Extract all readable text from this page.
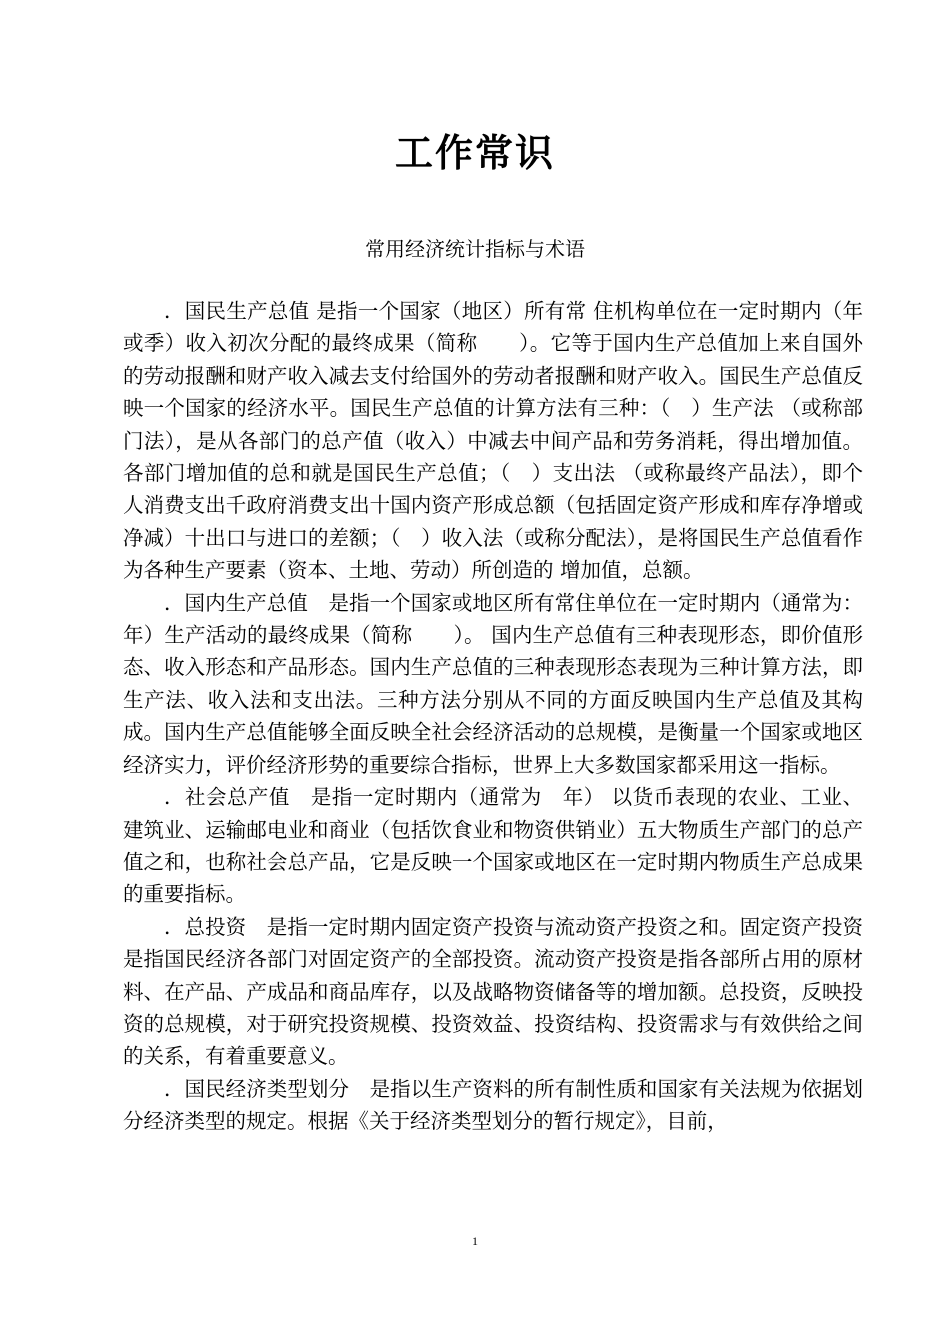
工作常识
常用经济统计指标与术语

．国民生产总值 是指一个国家（地区）所有常 住机构单位在一定时期内（年或季）收入初次分配的最终成果（简称　　）。它等于国内生产总值加上来自国外的劳动报酬和财产收入减去支付给国外的劳动者报酬和财产收入。国民生产总值反映一个国家的经济水平。国民生产总值的计算方法有三种：（　）生产法 （或称部门法），是从各部门的总产值（收入）中减去中间产品和劳务消耗，得出增加值。各部门增加值的总和就是国民生产总值；（　）支出法 （或称最终产品法），即个人消费支出千政府消费支出十国内资产形成总额（包括固定资产形成和库存净增或净减）十出口与进口的差额；（　）收入法（或称分配法），是将国民生产总值看作为各种生产要素（资本、土地、劳动）所创造的 增加值，总额。

．国内生产总值　是指一个国家或地区所有常住单位在一定时期内（通常为：年）生产活动的最终成果（简称　　）。 国内生产总值有三种表现形态，即价值形态、收入形态和产品形态。国内生产总值的三种表现形态表现为三种计算方法，即生产法、收入法和支出法。三种方法分别从不同的方面反映国内生产总值及其构成。国内生产总值能够全面反映全社会经济活动的总规模，是衡量一个国家或地区经济实力，评价经济形势的重要综合指标，世界上大多数国家都采用这一指标。

．社会总产值　是指一定时期内（通常为　年） 以货币表现的农业、工业、建筑业、运输邮电业和商业（包括饮食业和物资供销业）五大物质生产部门的总产值之和，也称社会总产品，它是反映一个国家或地区在一定时期内物质生产总成果的重要指标。

．总投资　是指一定时期内固定资产投资与流动资产投资之和。固定资产投资是指国民经济各部门对固定资产的全部投资。流动资产投资是指各部所占用的原材料、在产品、产成品和商品库存，以及战略物资储备等的增加额。总投资，反映投资的总规模，对于研究投资规模、投资效益、投资结构、投资需求与有效供给之间的关系，有着重要意义。

．国民经济类型划分　是指以生产资料的所有制性质和国家有关法规为依据划分经济类型的规定。根据《关于经济类型划分的暂行规定》，目前，

1
